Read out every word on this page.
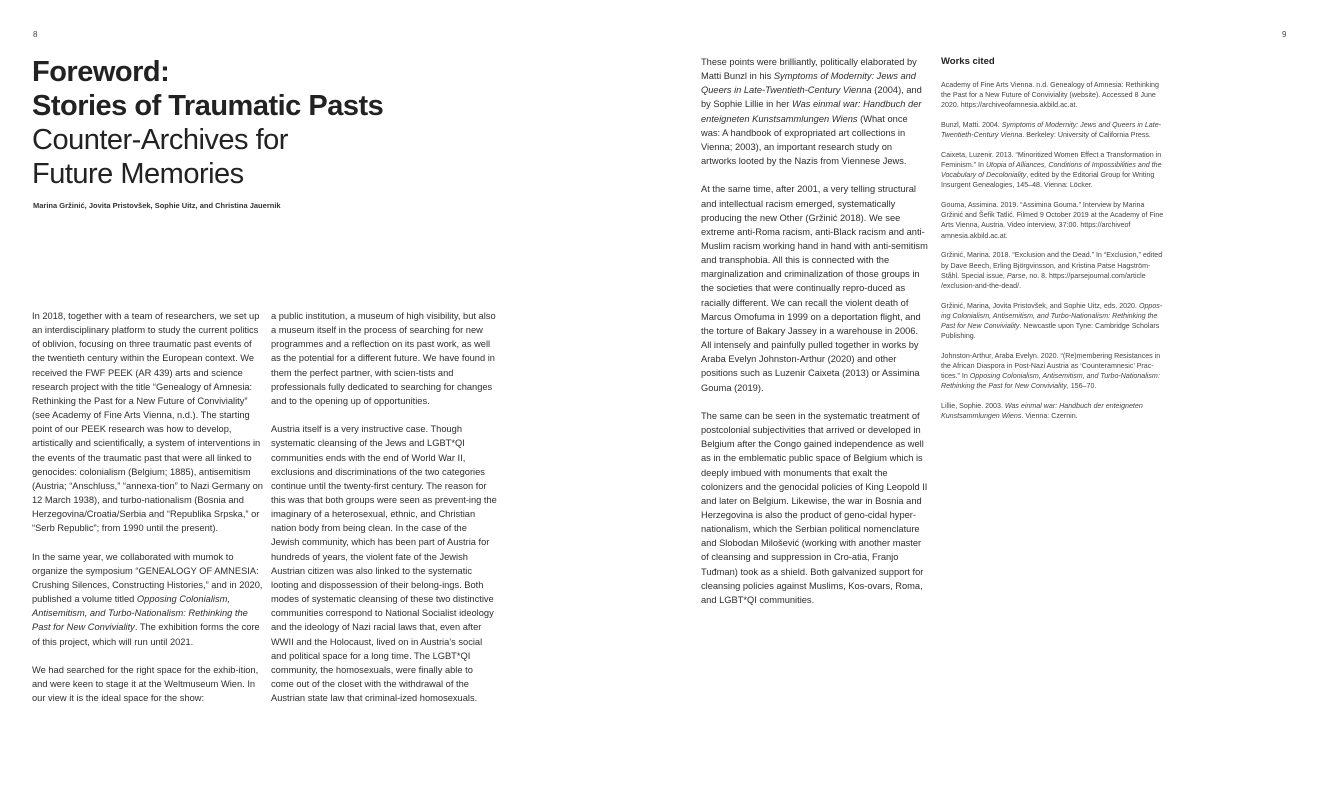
8	9
Foreword:
Stories of Traumatic Pasts
Counter-Archives for
Future Memories
Marina Gržinić, Jovita Pristovšek, Sophie Uitz, and Christina Jauernik

In 2018, together with a team of researchers, we set up an interdisciplinary platform to study the current politics of oblivion, focusing on three traumatic past events of the twentieth century within the European context. We received the FWF PEEK (AR 439) arts and science research project with the title “Genealogy of Amnesia: Rethinking the Past for a New Future of Conviviality” (see Academy of Fine Arts Vienna, n.d.). The starting point of our PEEK research was how to develop, artistically and scientifically, a system of interventions in the events of the traumatic past that were all linked to genocides: colonialism (Belgium; 1885), antisemitism (Austria; “Anschluss,” “annexa-tion” to Nazi Germany on 12 March 1938), and turbo-nationalism (Bosnia and Herzegovina/Croatia/Serbia and “Republika Srpska,” or “Serb Republic”; from 1990 until the present).

In the same year, we collaborated with mumok to organize the symposium “GENEALOGY OF AMNESIA: Crushing Silences, Constructing Histories,” and in 2020, published a volume titled Opposing Colonialism, Antisemitism, and Turbo-Nationalism: Rethinking the Past for New Conviviality. The exhibition forms the core of this project, which will run until 2021.

We had searched for the right space for the exhib-ition, and were keen to stage it at the Weltmuseum Wien. In our view it is the ideal space for the show:

a public institution, a museum of high visibility, but also a museum itself in the process of searching for new programmes and a reflection on its past work, as well as the potential for a different future. We have found in them the perfect partner, with scien-tists and professionals fully dedicated to searching for changes and to the opening up of opportunities.

Austria itself is a very instructive case. Though systematic cleansing of the Jews and LGBT*QI communities ends with the end of World War II, exclusions and discriminations of the two categories continue until the twenty-first century. The reason for this was that both groups were seen as prevent-ing the imaginary of a heterosexual, ethnic, and Christian nation body from being clean. In the case of the Jewish community, which has been part of Austria for hundreds of years, the violent fate of the Jewish Austrian citizen was also linked to the systematic looting and dispossession of their belong-ings. Both modes of systematic cleansing of these two distinctive communities correspond to National Socialist ideology and the ideology of Nazi racial laws that, even after WWII and the Holocaust, lived on in Austria’s social and political space for a long time. The LGBT*QI community, the homosexuals, were finally able to come out of the closet with the withdrawal of the Austrian state law that criminal-ized homosexuals.

These points were brilliantly, politically elaborated by Matti Bunzl in his Symptoms of Modernity: Jews and Queers in Late-Twentieth-Century Vienna (2004), and by Sophie Lillie in her Was einmal war: Handbuch der enteigneten Kunstsammlungen Wiens (What once was: A handbook of expropriated art collections in Vienna; 2003), an important research study on artworks looted by the Nazis from Viennese Jews.

At the same time, after 2001, a very telling structural and intellectual racism emerged, systematically producing the new Other (Gržinić 2018). We see extreme anti-Roma racism, anti-Black racism and anti-Muslim racism working hand in hand with anti-semitism and transphobia. All this is connected with the marginalization and criminalization of those groups in the societies that were continually repro-duced as racially different. We can recall the violent death of Marcus Omofuma in 1999 on a deportation flight, and the torture of Bakary Jassey in a warehouse in 2006. All intensely and painfully pulled together in works by Araba Evelyn Johnston-Arthur (2020) and other positions such as Luzenir Caixeta (2013) or Assimina Gouma (2019).

The same can be seen in the systematic treatment of postcolonial subjectivities that arrived or developed in Belgium after the Congo gained independence as well as in the emblematic public space of Belgium which is deeply imbued with monuments that exalt the colonizers and the genocidal policies of King Leopold II and later on Belgium. Likewise, the war in Bosnia and Herzegovina is also the product of geno-cidal hyper-nationalism, which the Serbian political nomenclature and Slobodan Milošević (working with another master of cleansing and suppression in Cro-atia, Franjo Tuđman) took as a shield. Both galvanized support for cleansing policies against Muslims, Kos-ovars, Roma, and LGBT*QI communities.

Works cited

Academy of Fine Arts Vienna. n.d. Genealogy of Amnesia: Rethinking the Past for a New Future of Conviviality (website). Accessed 8 June 2020. https://archiveofamnesia.akbild.ac.at.

Bunzl, Matti. 2004. Symptoms of Modernity: Jews and Queers in Late-Twentieth-Century Vienna. Berkeley: University of California Press.

Caixeta, Luzenir. 2013. “Minoritized Women Effect a Transformation in Feminism.” In Utopia of Alliances, Conditions of Impossibilities and the Vocabulary of Decoloniality, edited by the Editorial Group for Writing Insurgent Genealogies, 145–48. Vienna: Löcker.

Gouma, Assimina. 2019. “Assimina Gouma.” Interview by Marina Gržinić and Šefik Tatlić. Filmed 9 October 2019 at the Academy of Fine Arts Vienna, Austria. Video interview, 37:00. https://archiveof amnesia.akbild.ac.at.

Gržinić, Marina. 2018. “Exclusion and the Dead.” In “Exclusion,” edited by Dave Beech, Erling Björgvinsson, and Kristina Patse Hagström-Ståhl. Special issue, Parse, no. 8. https://parsejournal.com/article /exclusion-and-the-dead/.

Gržinić, Marina, Jovita Pristovšek, and Sophie Uitz, eds. 2020. Oppos-ing Colonialism, Antisemitism, and Turbo-Nationalism: Rethinking the Past for New Conviviality. Newcastle upon Tyne: Cambridge Scholars Publishing.

Johnston-Arthur, Araba Evelyn. 2020. “(Re)membering Resistances in the African Diaspora in Post-Nazi Austria as ‘Counteramnesic’ Prac-tices.” In Opposing Colonialism, Antisemitism, and Turbo-Nationalism: Rethinking the Past for New Conviviality, 156–70.

Lillie, Sophie. 2003. Was einmal war: Handbuch der enteigneten Kunstsammlungen Wiens. Vienna: Czernin.
